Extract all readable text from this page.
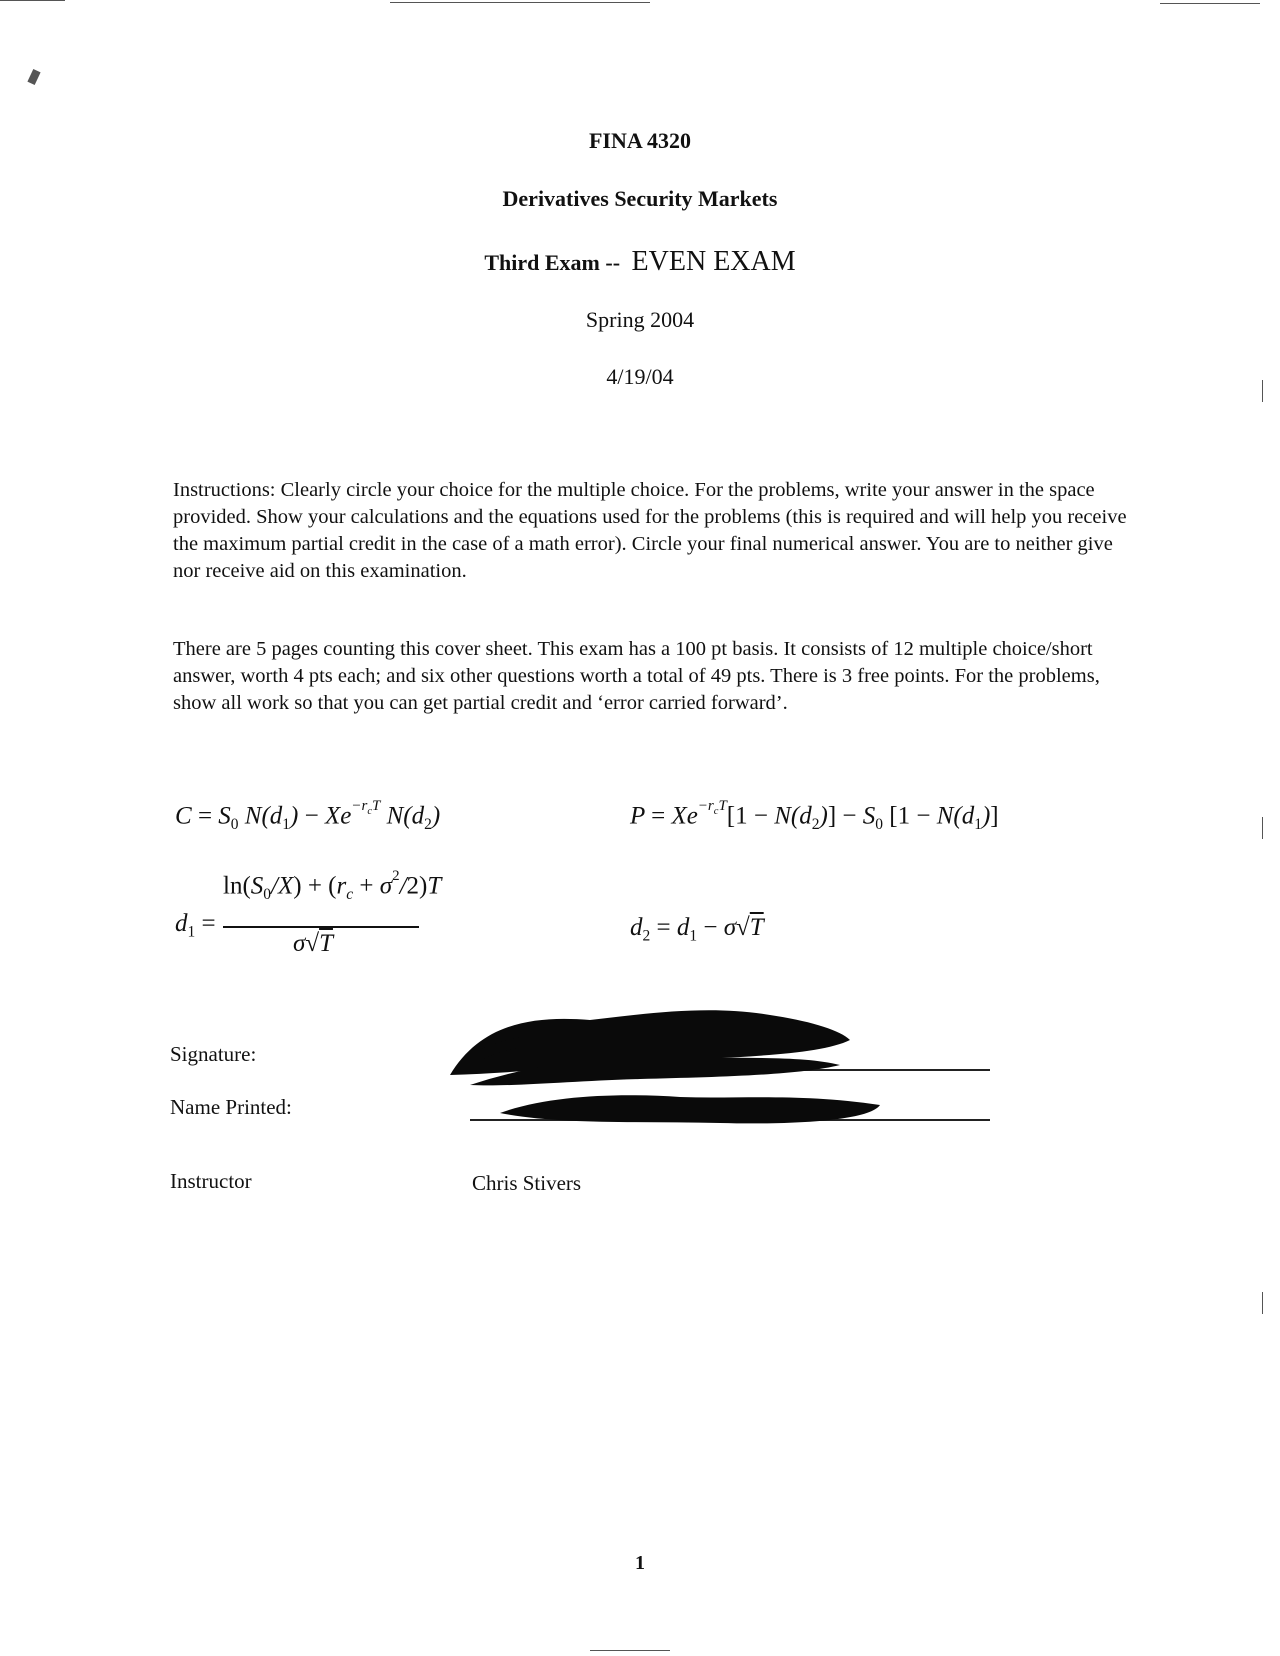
FINA 4320
Derivatives Security Markets
Third Exam -- EVEN EXAM
Spring 2004
4/19/04

Instructions: Clearly circle your choice for the multiple choice. For the problems, write your answer in the space provided. Show your calculations and the equations used for the problems (this is required and will help you receive the maximum partial credit in the case of a math error). Circle your final numerical answer. You are to neither give nor receive aid on this examination.

There are 5 pages counting this cover sheet. This exam has a 100 pt basis. It consists of 12 multiple choice/short answer, worth 4 pts each; and six other questions worth a total of 49 pts. There is 3 free points. For the problems, show all work so that you can get partial credit and ‘error carried forward’.

$C = S_0$ $N(d_1) - Xe^{-r_cT}$ $N(d_2)$	$P = Xe^{-r_cT}[1 - N(d_2)] - S_0$ $[1 - N(d_1)]$
$d_1$ =
$\ln(S_0/X) + (r_c + \sigma^2/2)T$
σ√T
$d_2 = d_1 - \sigma√T$
Signature:
Name Printed:
Instructor	Chris Stivers
1
